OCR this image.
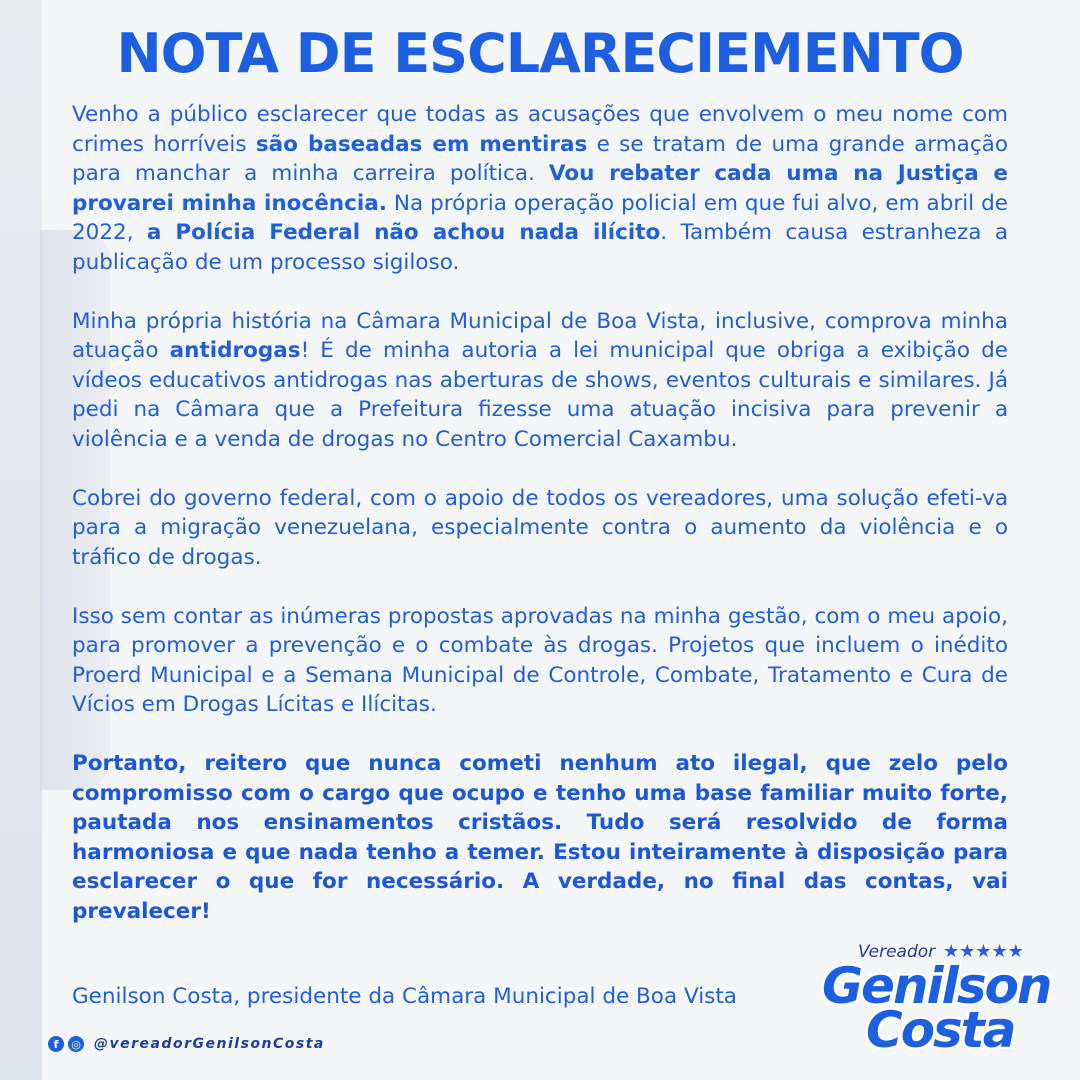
NOTA DE ESCLARECIEMENTO

Venho a público esclarecer que todas as acusações que envolvem o meu nome com crimes horríveis são baseadas em mentiras e se tratam de uma grande armação para manchar a minha carreira política. Vou rebater cada uma na Justiça e provarei minha inocência. Na própria operação policial em que fui alvo, em abril de 2022, a Polícia Federal não achou nada ilícito. Também causa estranheza a publicação de um processo sigiloso.

Minha própria história na Câmara Municipal de Boa Vista, inclusive, comprova minha atuação antidrogas! É de minha autoria a lei municipal que obriga a exibição de vídeos educativos antidrogas nas aberturas de shows, eventos culturais e similares. Já pedi na Câmara que a Prefeitura fizesse uma atuação incisiva para prevenir a violência e a venda de drogas no Centro Comercial Caxambu.

Cobrei do governo federal, com o apoio de todos os vereadores, uma solução efeti-va para a migração venezuelana, especialmente contra o aumento da violência e o tráfico de drogas.

Isso sem contar as inúmeras propostas aprovadas na minha gestão, com o meu apoio, para promover a prevenção e o combate às drogas. Projetos que incluem o inédito Proerd Municipal e a Semana Municipal de Controle, Combate, Tratamento e Cura de Vícios em Drogas Lícitas e Ilícitas.

Portanto, reitero que nunca cometi nenhum ato ilegal, que zelo pelo compromisso com o cargo que ocupo e tenho uma base familiar muito forte, pautada nos ensinamentos cristãos. Tudo será resolvido de forma harmoniosa e que nada tenho a temer. Estou inteiramente à disposição para esclarecer o que for necessário. A verdade, no final das contas, vai prevalecer!

Genilson Costa, presidente da Câmara Municipal de Boa Vista
f	◎ @vereadorGenilsonCosta
Vereador ★★★★★
Genilson
Costa
